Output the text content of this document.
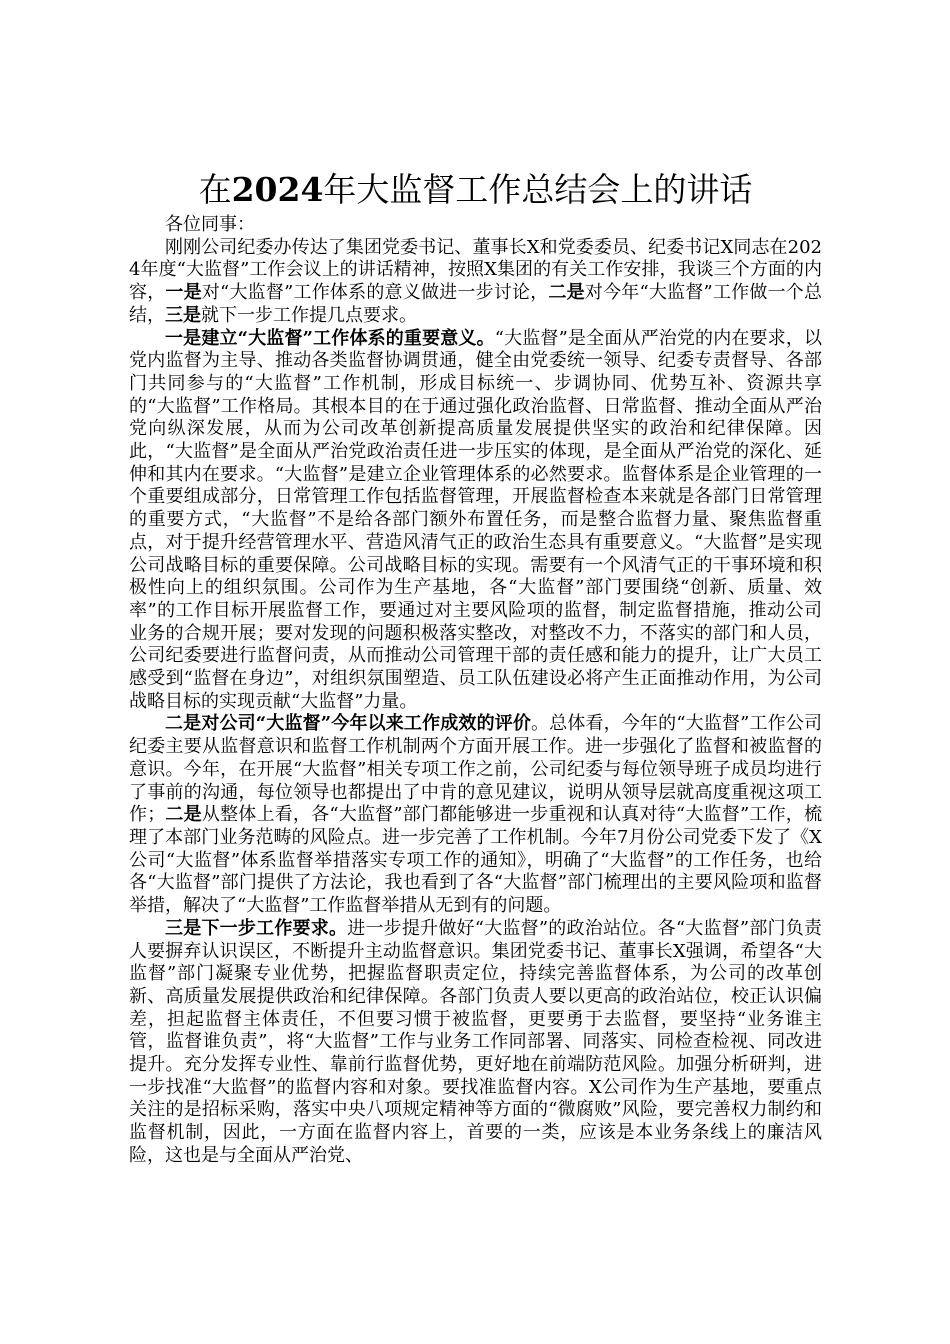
在2024年大监督工作总结会上的讲话

各位同事：

刚刚公司纪委办传达了集团党委书记、董事长X和党委委员、纪委书记X同志在2024年度“大监督”工作会议上的讲话精神，按照X集团的有关工作安排，我谈三个方面的内容，一是对“大监督”工作体系的意义做进一步讨论，二是对今年“大监督”工作做一个总结，三是就下一步工作提几点要求。

一是建立“大监督”工作体系的重要意义。“大监督”是全面从严治党的内在要求，以党内监督为主导、推动各类监督协调贯通，健全由党委统一领导、纪委专责督导、各部门共同参与的“大监督”工作机制，形成目标统一、步调协同、优势互补、资源共享的“大监督”工作格局。其根本目的在于通过强化政治监督、日常监督、推动全面从严治党向纵深发展，从而为公司改革创新提高质量发展提供坚实的政治和纪律保障。因此，“大监督”是全面从严治党政治责任进一步压实的体现，是全面从严治党的深化、延伸和其内在要求。“大监督”是建立企业管理体系的必然要求。监督体系是企业管理的一个重要组成部分，日常管理工作包括监督管理，开展监督检查本来就是各部门日常管理的重要方式，“大监督”不是给各部门额外布置任务，而是整合监督力量、聚焦监督重点，对于提升经营管理水平、营造风清气正的政治生态具有重要意义。“大监督”是实现公司战略目标的重要保障。公司战略目标的实现。需要有一个风清气正的干事环境和积极性向上的组织氛围。公司作为生产基地，各“大监督”部门要围绕“创新、质量、效率”的工作目标开展监督工作，要通过对主要风险项的监督，制定监督措施，推动公司业务的合规开展；要对发现的问题积极落实整改，对整改不力，不落实的部门和人员，公司纪委要进行监督问责，从而推动公司管理干部的责任感和能力的提升，让广大员工感受到“监督在身边”，对组织氛围塑造、员工队伍建设必将产生正面推动作用，为公司战略目标的实现贡献“大监督”力量。

二是对公司“大监督”今年以来工作成效的评价。总体看，今年的“大监督”工作公司纪委主要从监督意识和监督工作机制两个方面开展工作。进一步强化了监督和被监督的意识。今年，在开展“大监督”相关专项工作之前，公司纪委与每位领导班子成员均进行了事前的沟通，每位领导也都提出了中肯的意见建议，说明从领导层就高度重视这项工作；二是从整体上看，各“大监督”部门都能够进一步重视和认真对待“大监督”工作，梳理了本部门业务范畴的风险点。进一步完善了工作机制。今年7月份公司党委下发了《X公司“大监督”体系监督举措落实专项工作的通知》，明确了“大监督”的工作任务，也给各“大监督”部门提供了方法论，我也看到了各“大监督”部门梳理出的主要风险项和监督举措，解决了“大监督”工作监督举措从无到有的问题。

三是下一步工作要求。进一步提升做好“大监督”的政治站位。各“大监督”部门负责人要摒弃认识误区，不断提升主动监督意识。集团党委书记、董事长X强调，希望各“大监督”部门凝聚专业优势，把握监督职责定位，持续完善监督体系，为公司的改革创新、高质量发展提供政治和纪律保障。各部门负责人要以更高的政治站位，校正认识偏差，担起监督主体责任，不但要习惯于被监督，更要勇于去监督，要坚持“业务谁主管，监督谁负责”，将“大监督”工作与业务工作同部署、同落实、同检查检视、同改进提升。充分发挥专业性、靠前行监督优势，更好地在前端防范风险。加强分析研判，进一步找准“大监督”的监督内容和对象。要找准监督内容。X公司作为生产基地，要重点关注的是招标采购，落实中央八项规定精神等方面的“微腐败”风险，要完善权力制约和监督机制，因此，一方面在监督内容上，首要的一类，应该是本业务条线上的廉洁风险，这也是与全面从严治党、
